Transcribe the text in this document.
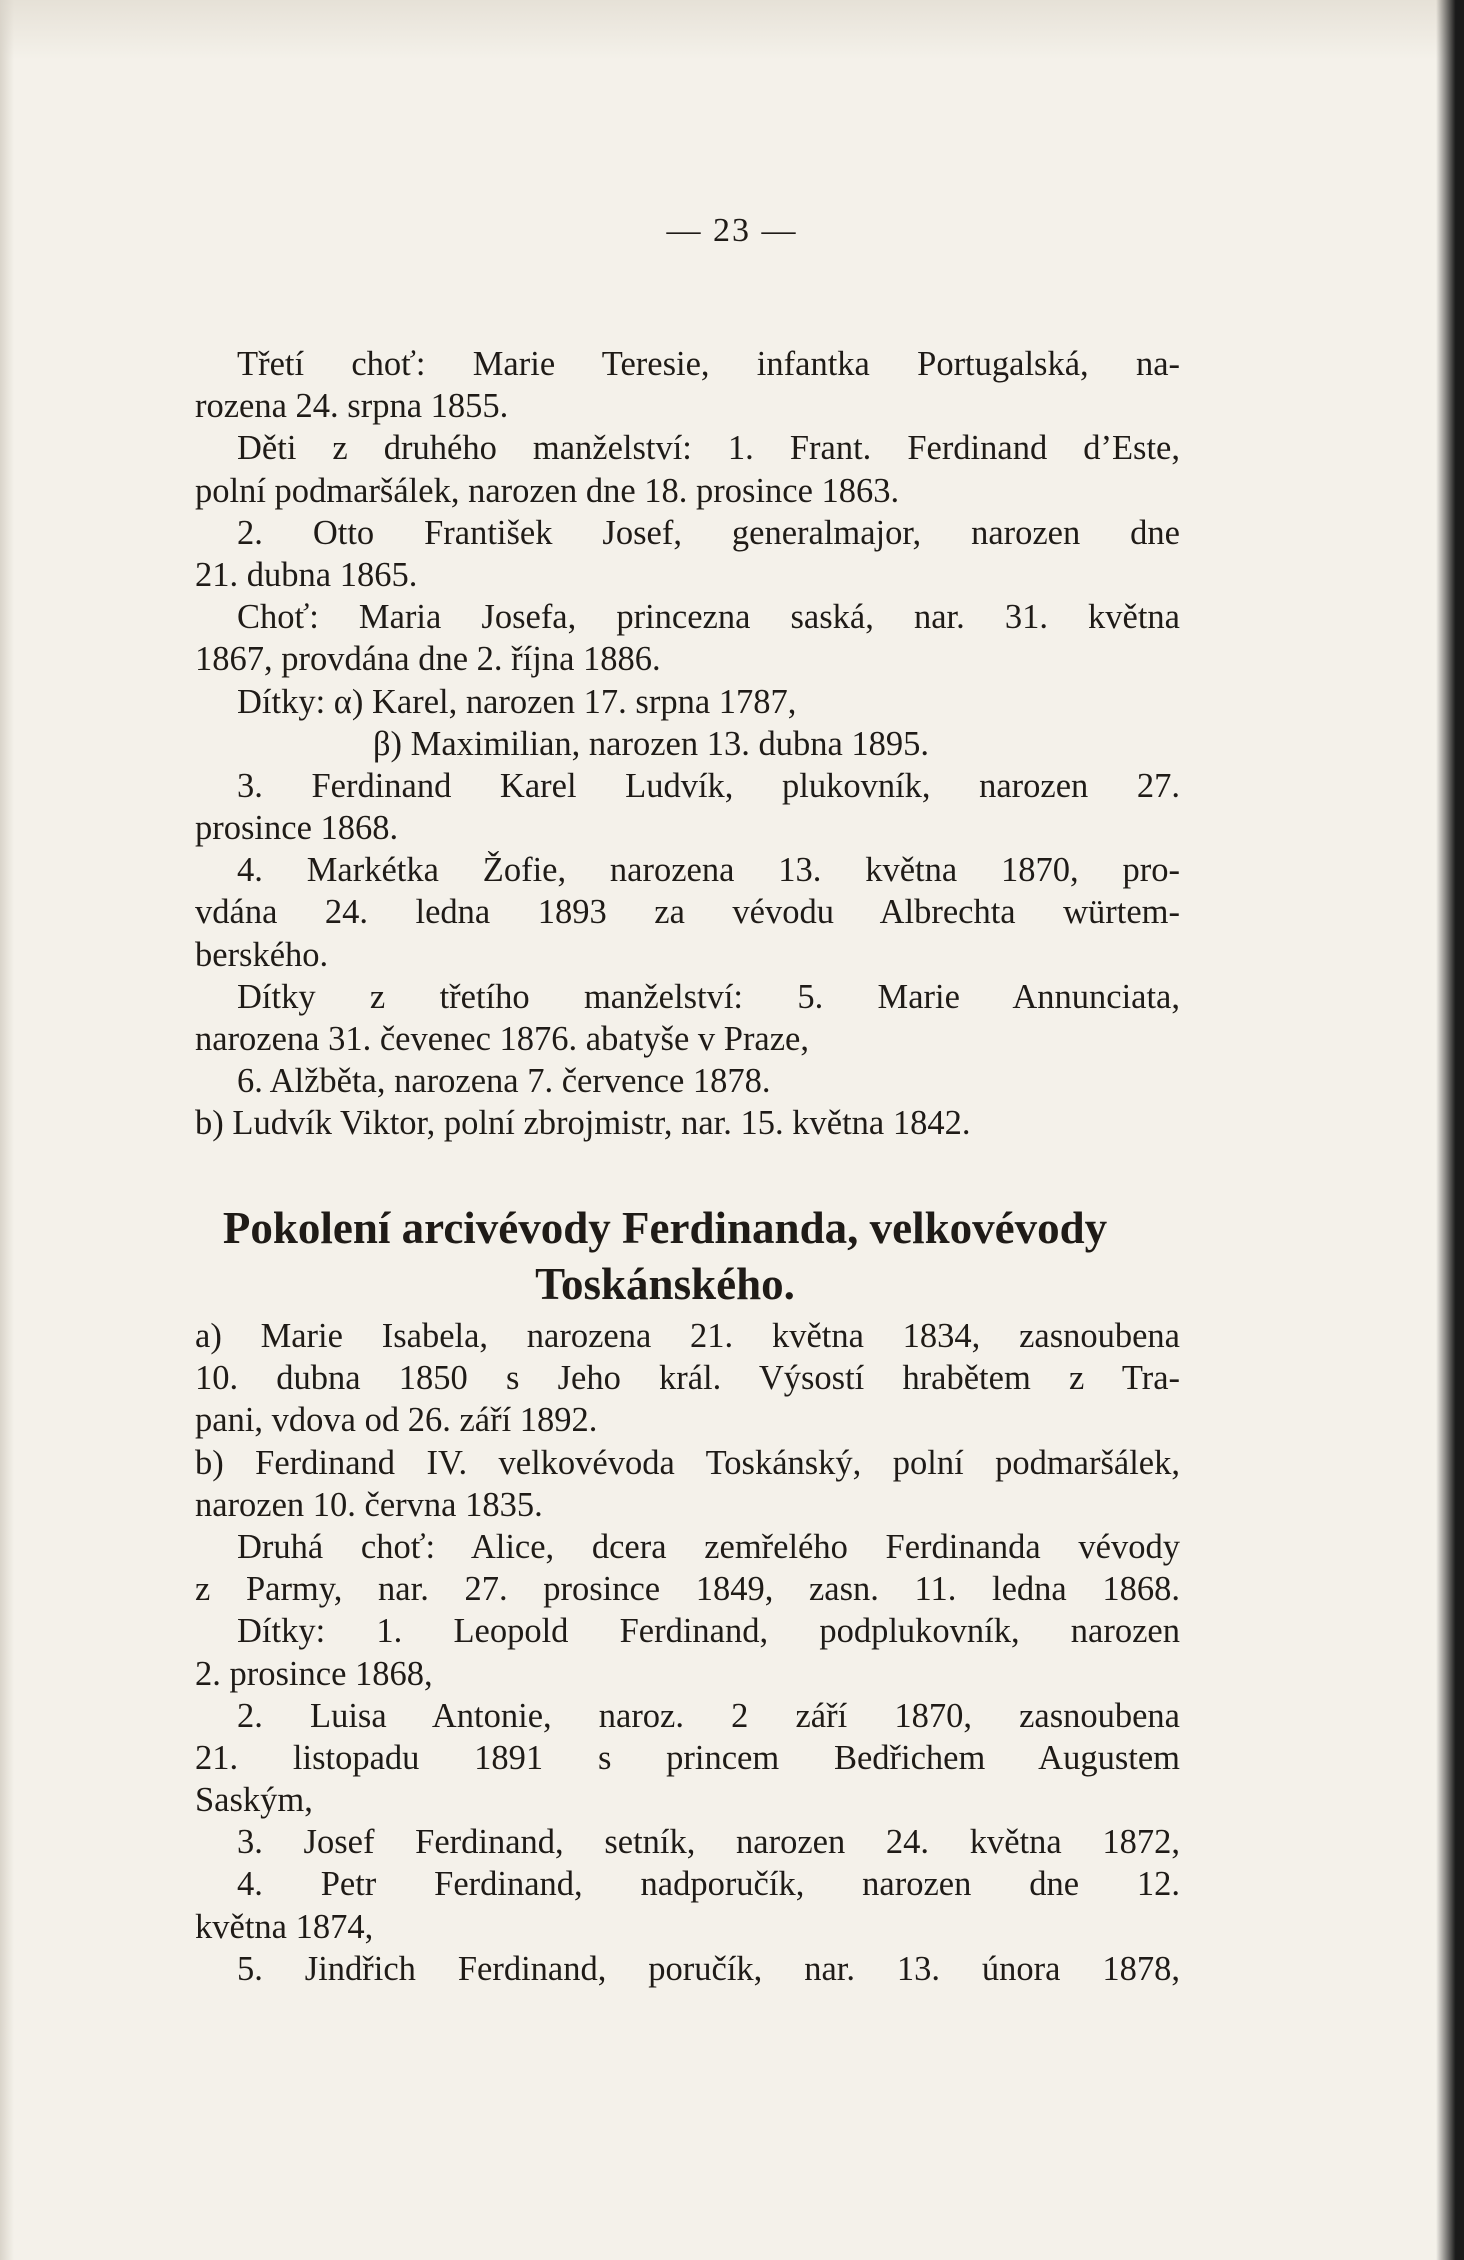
— 23 —
Třetí choť: Marie Teresie, infantka Portugalská, na-
rozena 24. srpna 1855.
Děti z druhého manželství: 1. Frant. Ferdinand d’Este,
polní podmaršálek, narozen dne 18. prosince 1863.
2. Otto František Josef, generalmajor, narozen dne
21. dubna 1865.
Choť: Maria Josefa, princezna saská, nar. 31. května
1867, provdána dne 2. října 1886.
Dítky: α) Karel, narozen 17. srpna 1787,
β) Maximilian, narozen 13. dubna 1895.
3. Ferdinand Karel Ludvík, plukovník, narozen 27.
prosince 1868.
4. Markétka Žofie, narozena 13. května 1870, pro-
vdána 24. ledna 1893 za vévodu Albrechta würtem-
berského.
Dítky z třetího manželství: 5. Marie Annunciata,
narozena 31. čevenec 1876. abatyše v Praze,
6. Alžběta, narozena 7. července 1878.
b) Ludvík Viktor, polní zbrojmistr, nar. 15. května 1842.
Pokolení arcivévody Ferdinanda, velkovévody
Toskánského.
a) Marie Isabela, narozena 21. května 1834, zasnoubena
10. dubna 1850 s Jeho král. Výsostí hrabětem z Tra-
pani, vdova od 26. září 1892.
b) Ferdinand IV. velkovévoda Toskánský, polní podmaršálek,
narozen 10. června 1835.
Druhá choť: Alice, dcera zemřelého Ferdinanda vévody
z Parmy, nar. 27. prosince 1849, zasn. 11. ledna 1868.
Dítky: 1. Leopold Ferdinand, podplukovník, narozen
2. prosince 1868,
2. Luisa Antonie, naroz. 2 září 1870, zasnoubena
21. listopadu 1891 s princem Bedřichem Augustem
Saským,
3. Josef Ferdinand, setník, narozen 24. května 1872,
4. Petr Ferdinand, nadporučík, narozen dne 12.
května 1874,
5. Jindřich Ferdinand, poručík, nar. 13. února 1878,
